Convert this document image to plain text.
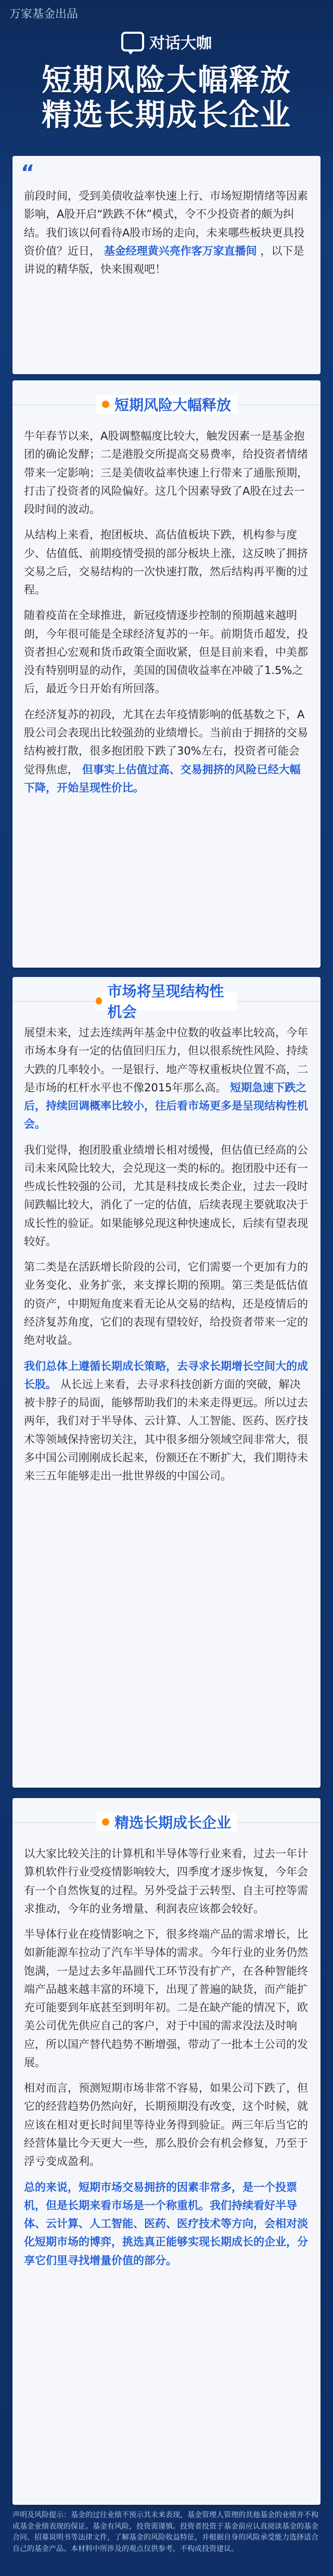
万家基金出品
对话大咖
短期风险大幅释放
精选长期成长企业
“
前段时间，受到美债收益率快速上行、市场短期情绪等因素影响，A股开启“跌跌不休”模式，令不少投资者的颇为纠结。我们该以何看待A股市场的走向，未来哪些板块更具投资价值？近日， 基金经理黄兴亮作客万家直播间 ，以下是讲说的精华版，快来围观吧！
短期风险大幅释放

牛年春节以来，A股调整幅度比较大，触发因素一是基金抱团的确论发酵；二是港股交所提高交易费率，给投资者情绪带来一定影响；三是美债收益率快速上行带来了通胀预期，打击了投资者的风险偏好。这几个因素导致了A股在过去一段时间的波动。

从结构上来看，抱团板块、高估值板块下跌，机构参与度少、估值低、前期疫情受损的部分板块上涨，这反映了拥挤交易之后，交易结构的一次快速打散，然后结构再平衡的过程。

随着疫苗在全球推进，新冠疫情逐步控制的预期越来越明朗，今年很可能是全球经济复苏的一年。前期货币超发，投资者担心宏观和货币政策全面收紧，但是目前来看，中美都没有特别明显的动作，美国的国债收益率在冲破了1.5%之后，最近今日开始有所回落。

在经济复苏的初段，尤其在去年疫情影响的低基数之下，A股公司会表现出比较强劲的业绩增长。当前由于拥挤的交易结构被打散，很多抱团股下跌了30%左右，投资者可能会觉得焦虑， 但事实上估值过高、交易拥挤的风险已经大幅下降，开始呈现性价比。

市场将呈现结构性机会

展望未来，过去连续两年基金中位数的收益率比较高，今年市场本身有一定的估值回归压力，但以很系统性风险、持续大跌的几率较小。一是银行、地产等权重板块位置不高，二是市场的杠杆水平也不像2015年那么高。 短期急速下跌之后，持续回调概率比较小，往后看市场更多是呈现结构性机会。

我们觉得，抱团股重业绩增长相对缓慢，但估值已经高的公司未来风险比较大，会兑现这一类的标的。抱团股中还有一些成长性较强的公司，尤其是科技成长类企业，过去一段时间跌幅比较大，消化了一定的估值，后续表现主要就取决于成长性的验证。如果能够兑现这种快速成长，后续有望表现较好。

第二类是在活跃增长阶段的公司，它们需要一个更加有力的业务变化、业务扩张，来支撑长期的预期。第三类是低估值的资产，中期短角度来看无论从交易的结构，还是疫情后的经济复苏角度，它们的表现有望较好，给投资者带来一定的绝对收益。

我们总体上遵循长期成长策略，去寻求长期增长空间大的成长股。 从长远上来看，去寻求科技创新方面的突破，解决被卡脖子的局面，能够帮助我们的未来走得更远。所以过去两年，我们对于半导体、云计算、人工智能、医药、医疗技术等领域保持密切关注，其中很多细分领域空间非常大，很多中国公司刚刚成长起来，份额还在不断扩大，我们期待未来三五年能够走出一批世界级的中国公司。

精选长期成长企业

以大家比较关注的计算机和半导体等行业来看，过去一年计算机软件行业受疫情影响较大，四季度才逐步恢复，今年会有一个自然恢复的过程。另外受益于云转型、自主可控等需求推动，今年的业务增量、利润表应该都会较好。

半导体行业在疫情影响之下，很多终端产品的需求增长，比如新能源车拉动了汽车半导体的需求。今年行业的业务仍然饱满，一是过去多年晶圆代工环节没有扩产，在各种智能终端产品越来越丰富的环境下，出现了普遍的缺货，而产能扩充可能要到年底甚至到明年初。二是在缺产能的情况下，欧美公司优先供应自己的客户，对于中国的需求没法及时响应，所以国产替代趋势不断增强，带动了一批本土公司的发展。

相对而言，预测短期市场非常不容易，如果公司下跌了，但它的经营趋势仍然向好，长期预期没有改变，这个时候，就应该在相对更长时间里等待业务得到验证。两三年后当它的经营体量比今天更大一些，那么股价会有机会修复，乃至于浮亏变成盈利。

总的来说，短期市场交易拥挤的因素非常多，是一个投票机，但是长期来看市场是一个称重机。我们持续看好半导体、云计算、人工智能、医药、医疗技术等方向，会相对淡化短期市场的博弈，挑选真正能够实现长期成长的企业，分享它们里寻找增量价值的部分。

声明及风险提示：基金的过往业绩不预示其未来表现，基金管理人管理的其他基金的业绩并不构成基金业绩表现的保证。基金有风险，投资需谨慎。投资者投资于基金前应认真阅读基金的基金合同、招募说明书等法律文件，了解基金的风险收益特征，并根据自身的风险承受能力选择适合自己的基金产品。本材料中所涉及的观点仅供参考，不构成投资建议。
